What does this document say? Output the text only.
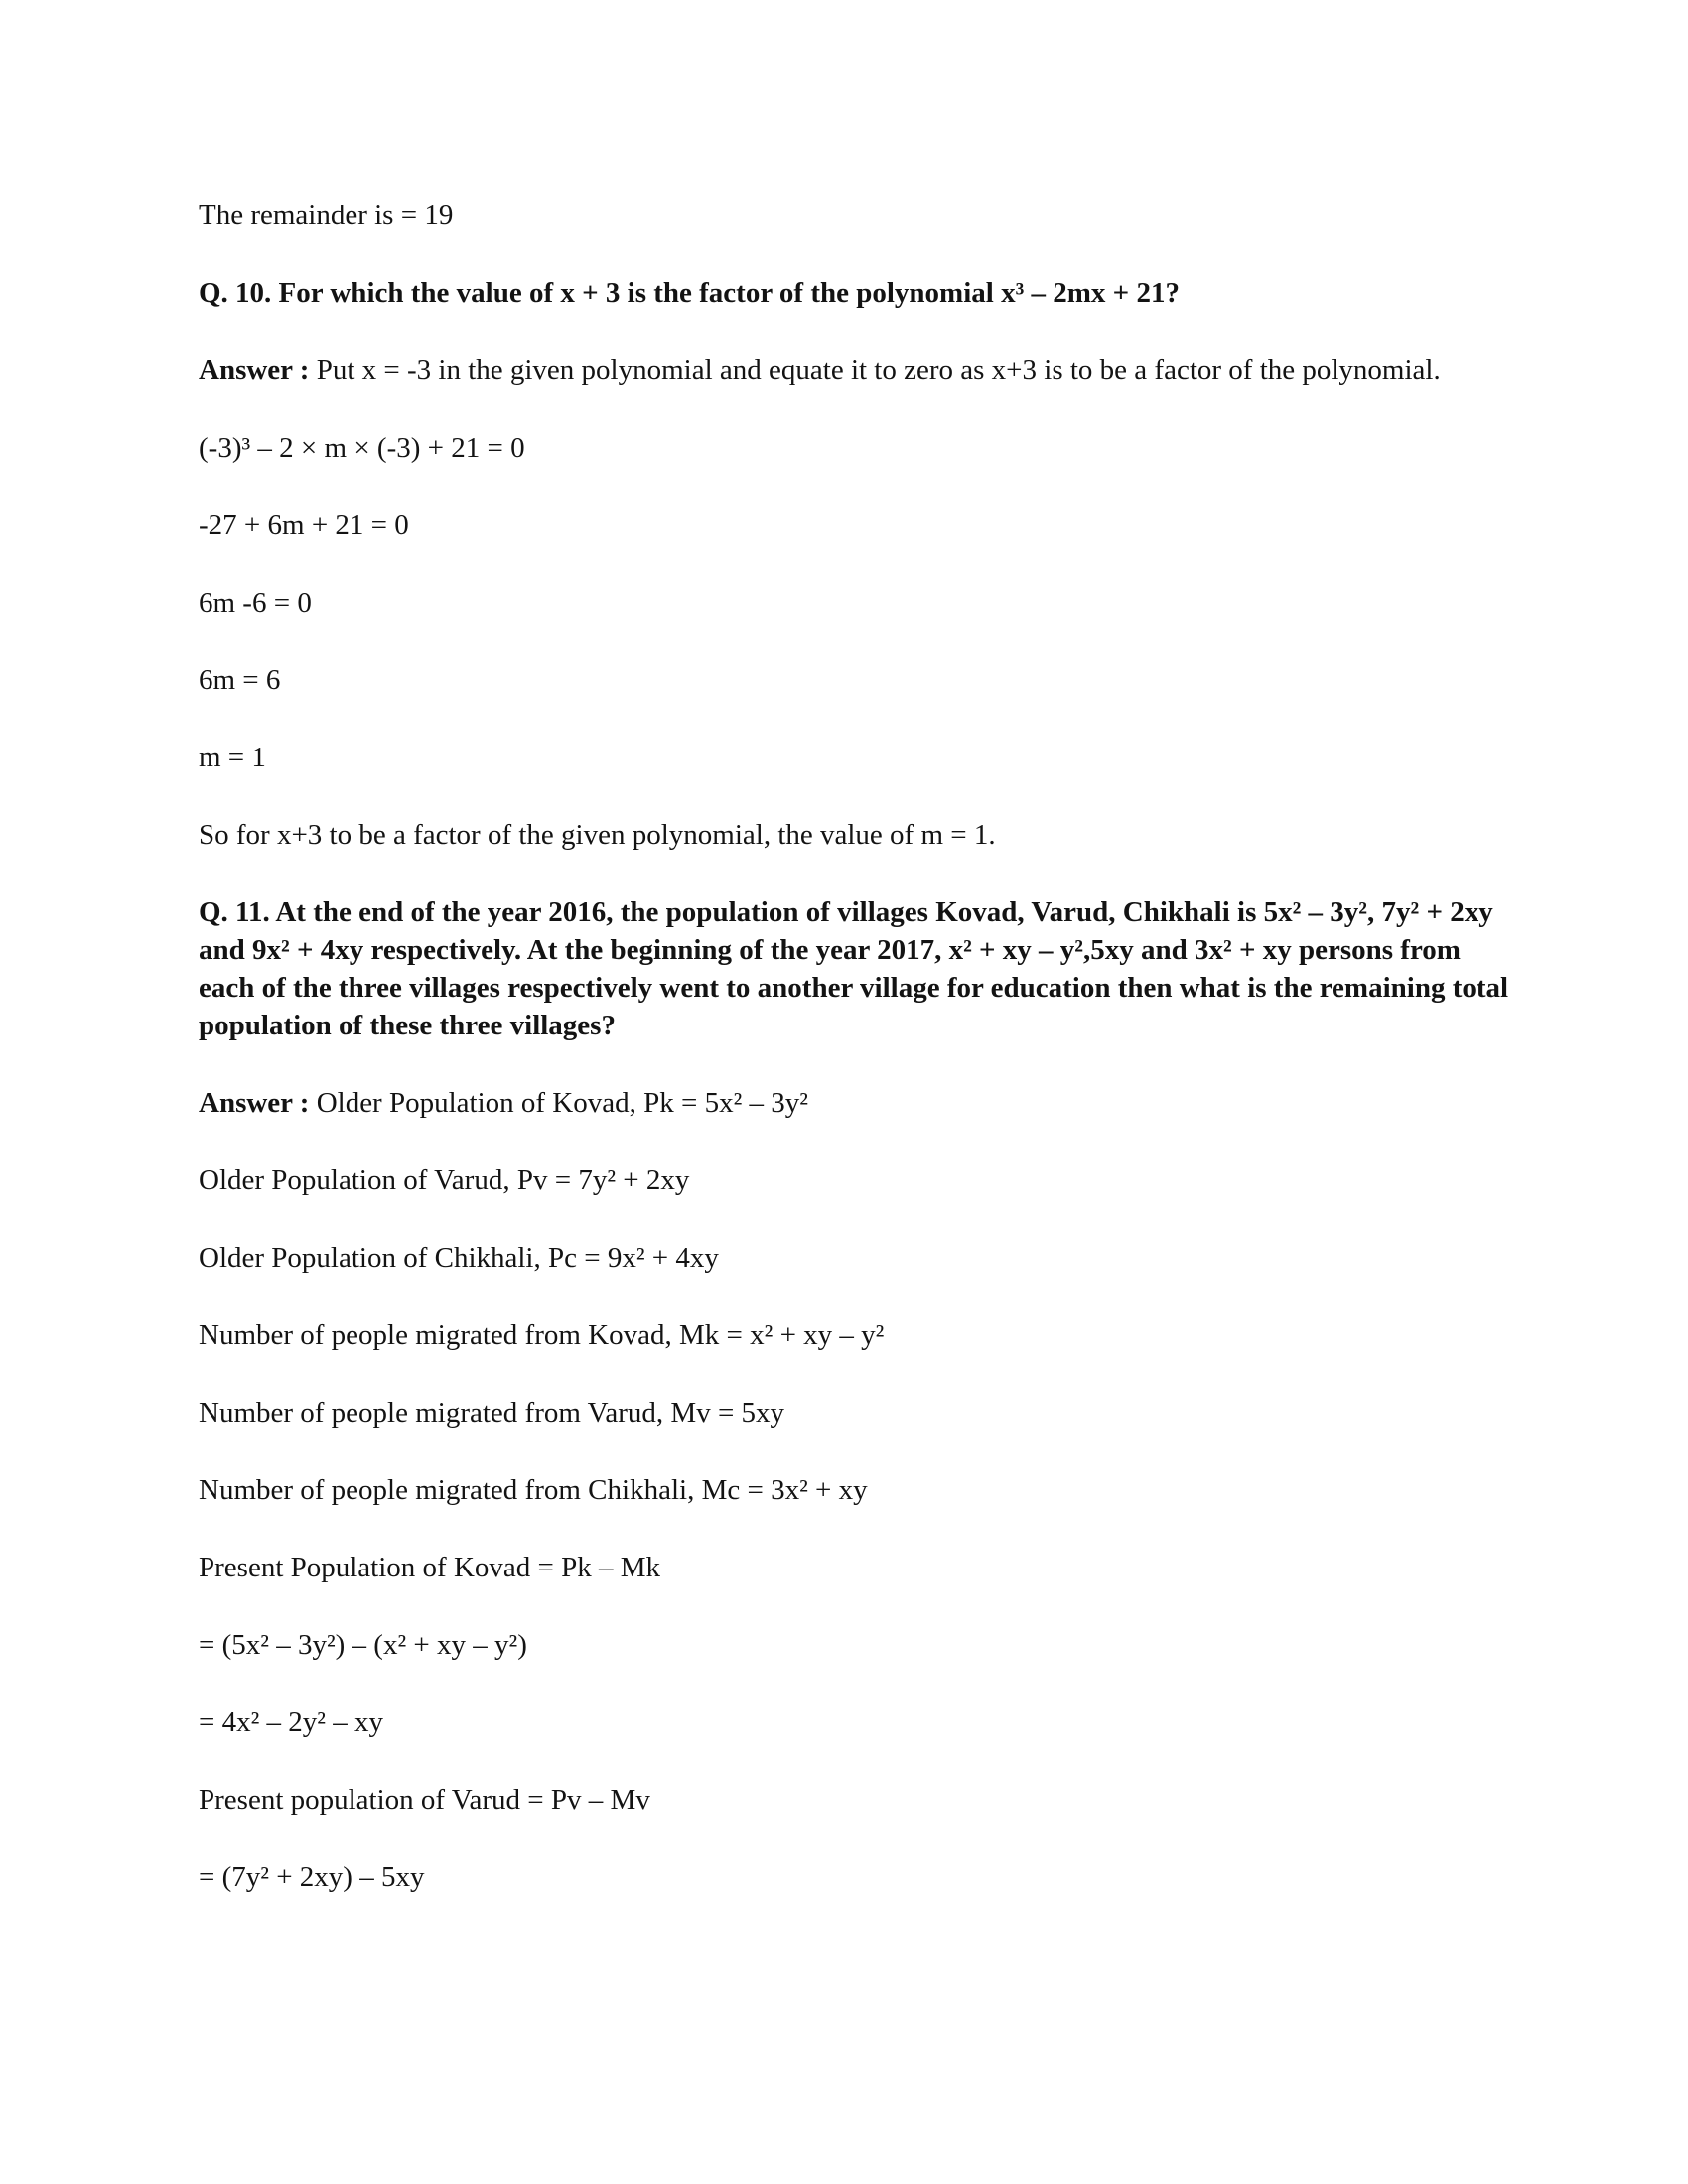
The remainder is = 19

Q. 10. For which the value of x + 3 is the factor of the polynomial x³ – 2mx + 21?

Answer : Put x = -3 in the given polynomial and equate it to zero as x+3 is to be a factor of the polynomial.

(-3)³ – 2 × m × (-3) + 21 = 0

-27 + 6m + 21 = 0

6m -6 = 0

6m = 6

m = 1

So for x+3 to be a factor of the given polynomial, the value of m = 1.

Q. 11. At the end of the year 2016, the population of villages Kovad, Varud, Chikhali is 5x² – 3y², 7y² + 2xy and 9x² + 4xy respectively. At the beginning of the year 2017, x² + xy – y²,5xy and 3x² + xy persons from each of the three villages respectively went to another village for education then what is the remaining total population of these three villages?

Answer : Older Population of Kovad, Pk = 5x² – 3y²

Older Population of Varud, Pv = 7y² + 2xy

Older Population of Chikhali, Pc = 9x² + 4xy

Number of people migrated from Kovad, Mk = x² + xy – y²

Number of people migrated from Varud, Mv = 5xy

Number of people migrated from Chikhali, Mc = 3x² + xy

Present Population of Kovad = Pk – Mk

= (5x² – 3y²) – (x² + xy – y²)

= 4x² – 2y² – xy

Present population of Varud = Pv – Mv

= (7y² + 2xy) – 5xy
